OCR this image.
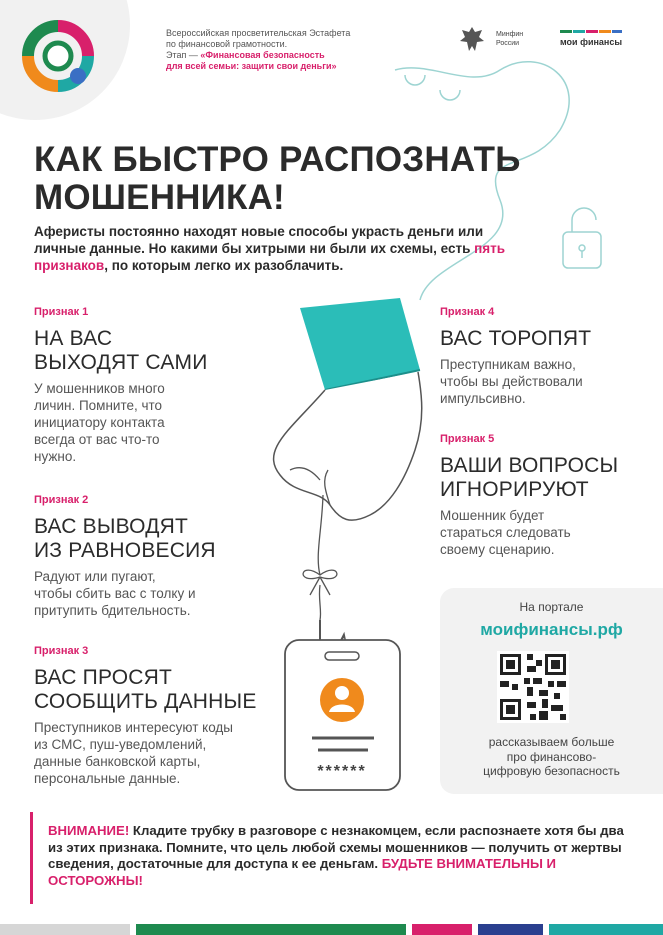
Всероссийская просветительская Эстафета
по финансовой грамотности.
Этап — «Финансовая безопасность
для всей семьи: защити свои деньги»
Минфин
России	мои финансы
КАК БЫСТРО РАСПОЗНАТЬ
МОШЕННИКА!
Аферисты постоянно находят новые способы украсть деньги или личные данные. Но какими бы хитрыми ни были их схемы, есть пять признаков, по которым легко их разоблачить.
Признак 1
НА ВАС
ВЫХОДЯТ САМИ
У мошенников много
личин. Помните, что
инициатору контакта
всегда от вас что-то
нужно.
Признак 2
ВАС ВЫВОДЯТ
ИЗ РАВНОВЕСИЯ
Радуют или пугают,
чтобы сбить вас с толку и
притупить бдительность.
Признак 3
ВАС ПРОСЯТ
СООБЩИТЬ ДАННЫЕ
Преступников интересуют коды
из СМС, пуш-уведомлений,
данные банковской карты,
персональные данные.
Признак 4
ВАС ТОРОПЯТ
Преступникам важно,
чтобы вы действовали
импульсивно.
Признак 5
ВАШИ ВОПРОСЫ
ИГНОРИРУЮТ
Мошенник будет
стараться следовать
своему сценарию.
******
На портале
моифинансы.рф
рассказываем больше
про финансово-
цифровую безопасность
ВНИМАНИЕ! Кладите трубку в разговоре с незнакомцем, если распознаете хотя бы два из этих признака. Помните, что цель любой схемы мошенников — получить от жертвы сведения, достаточные для доступа к ее деньгам. БУДЬТЕ ВНИМАТЕЛЬНЫ И ОСТОРОЖНЫ!
